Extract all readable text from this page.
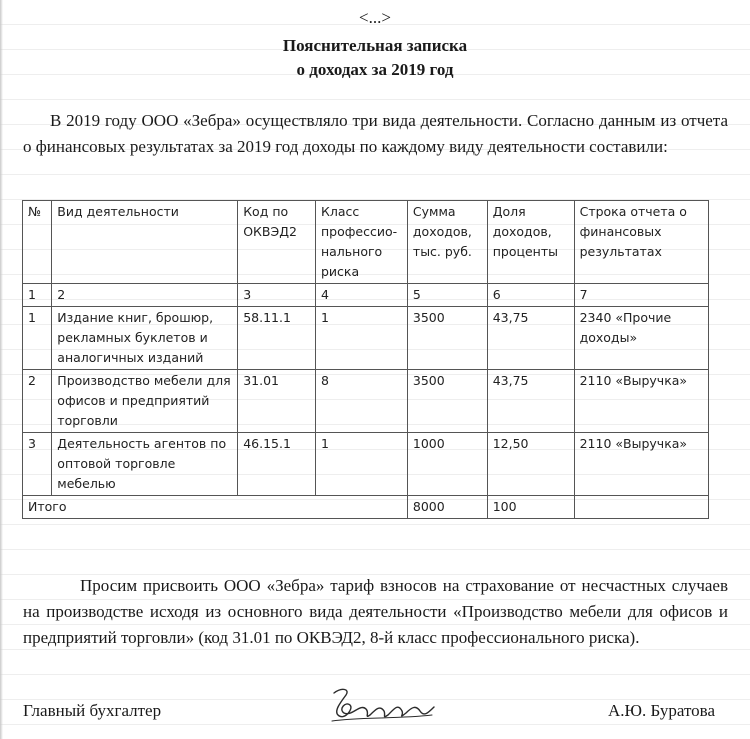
<...>
Пояснительная записка
о доходах за 2019 год
В 2019 году ООО «Зебра» осуществляло три вида деятельности. Согласно данным из отчета о финансовых результатах за 2019 год доходы по каждому виду деятельности составили:
№	Вид деятельности	Код по ОКВЭД2	Класс профессионального риска	Сумма доходов, тыс. руб.	Доля доходов, проценты	Строка отчета о финансовых результатах
1	2	3	4	5	6	7
1	Издание книг, брошюр, рекламных буклетов и аналогичных изданий	58.11.1	1	3500	43,75	2340 «Прочие доходы»
2	Производство мебели для офисов и предприятий торговли	31.01	8	3500	43,75	2110 «Выручка»
3	Деятельность агентов по оптовой торговле мебелью	46.15.1	1	1000	12,50	2110 «Выручка»
Итого				8000	100	
Просим присвоить ООО «Зебра» тариф взносов на страхование от несчастных случаев на производстве исходя из основного вида деятельности «Производство мебели для офисов и предприятий торговли» (код 31.01 по ОКВЭД2, 8-й класс профессионального риска).
Главный бухгалтер	А.Ю. Буратова
